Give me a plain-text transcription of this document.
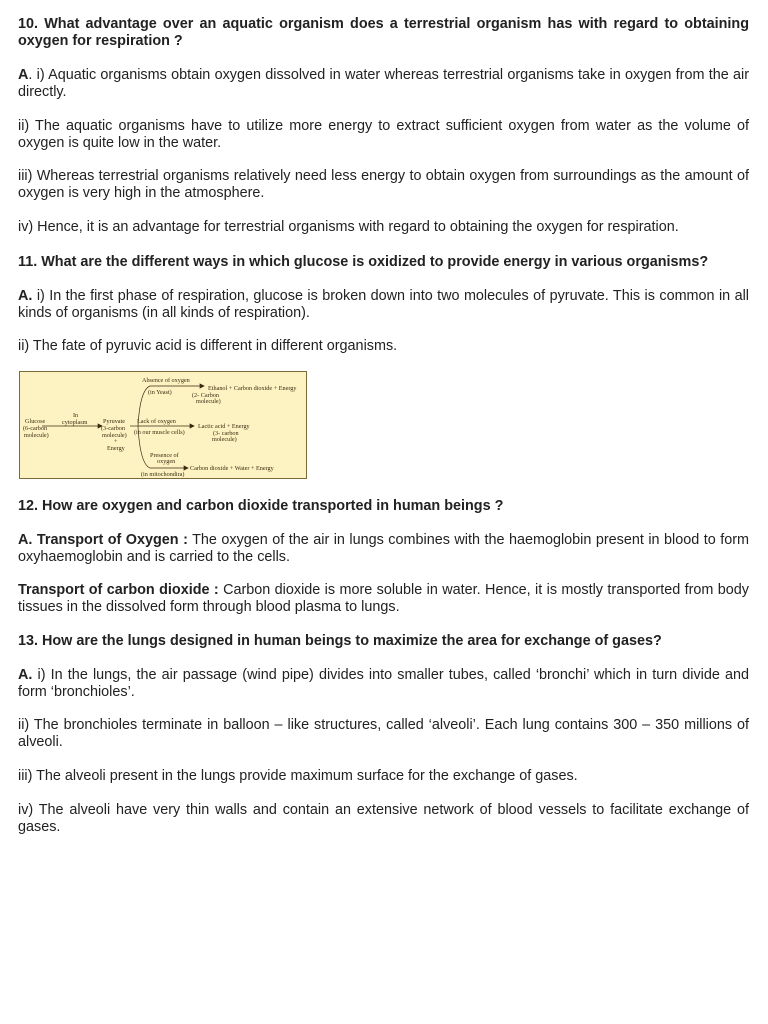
10. What advantage over an aquatic organism does a terrestrial organism has with regard to obtaining oxygen for respiration ?

A. i) Aquatic organisms obtain oxygen dissolved in water whereas terrestrial organisms take in oxygen from the air directly.

ii) The aquatic organisms have to utilize more energy to extract sufficient oxygen from water as the volume of oxygen is quite low in the water.

iii) Whereas terrestrial organisms relatively need less energy to obtain oxygen from surroundings as the amount of oxygen is very high in the atmosphere.

iv) Hence, it is an advantage for terrestrial organisms with regard to obtaining the oxygen for respiration.

11. What are the different ways in which glucose is oxidized to provide energy in various organisms?

A. i) In the first phase of respiration, glucose is broken down into two molecules of pyruvate. This is common in all kinds of organisms (in all kinds of respiration).

ii) The fate of pyruvic acid is different in different organisms.

12. How are oxygen and carbon dioxide transported in human beings ?

A. Transport of Oxygen : The oxygen of the air in lungs combines with the haemoglobin present in blood to form oxyhaemoglobin and is carried to the cells.

Transport of carbon dioxide : Carbon dioxide is more soluble in water. Hence, it is mostly transported from body tissues in the dissolved form through blood plasma to lungs.

13. How are the lungs designed in human beings to maximize the area for exchange of gases?

A. i) In the lungs, the air passage (wind pipe) divides into smaller tubes, called ‘bronchi’ which in turn divide and form ‘bronchioles’.

ii) The bronchioles terminate in balloon – like structures, called ‘alveoli’. Each lung contains 300 – 350 millions of alveoli.

iii) The alveoli present in the lungs provide maximum surface for the exchange of gases.

iv) The alveoli have very thin walls and contain an extensive network of blood vessels to facilitate exchange of gases.

Glucose
(6-carbon
molecule)
In
cytoplasm	Pyruvate
(3-carbon
molecule)
+
Energy
Absence of oxygen
(in Yeast)
Ethanol + Carbon dioxide + Energy
(2- Carbon
molecule)
Lack of oxygen
(in our muscle cells)
Lactic acid + Energy
(3- carbon
molecule)
Presence of
oxygen
(in mitochondira)
Carbon dioxide + Water + Energy
